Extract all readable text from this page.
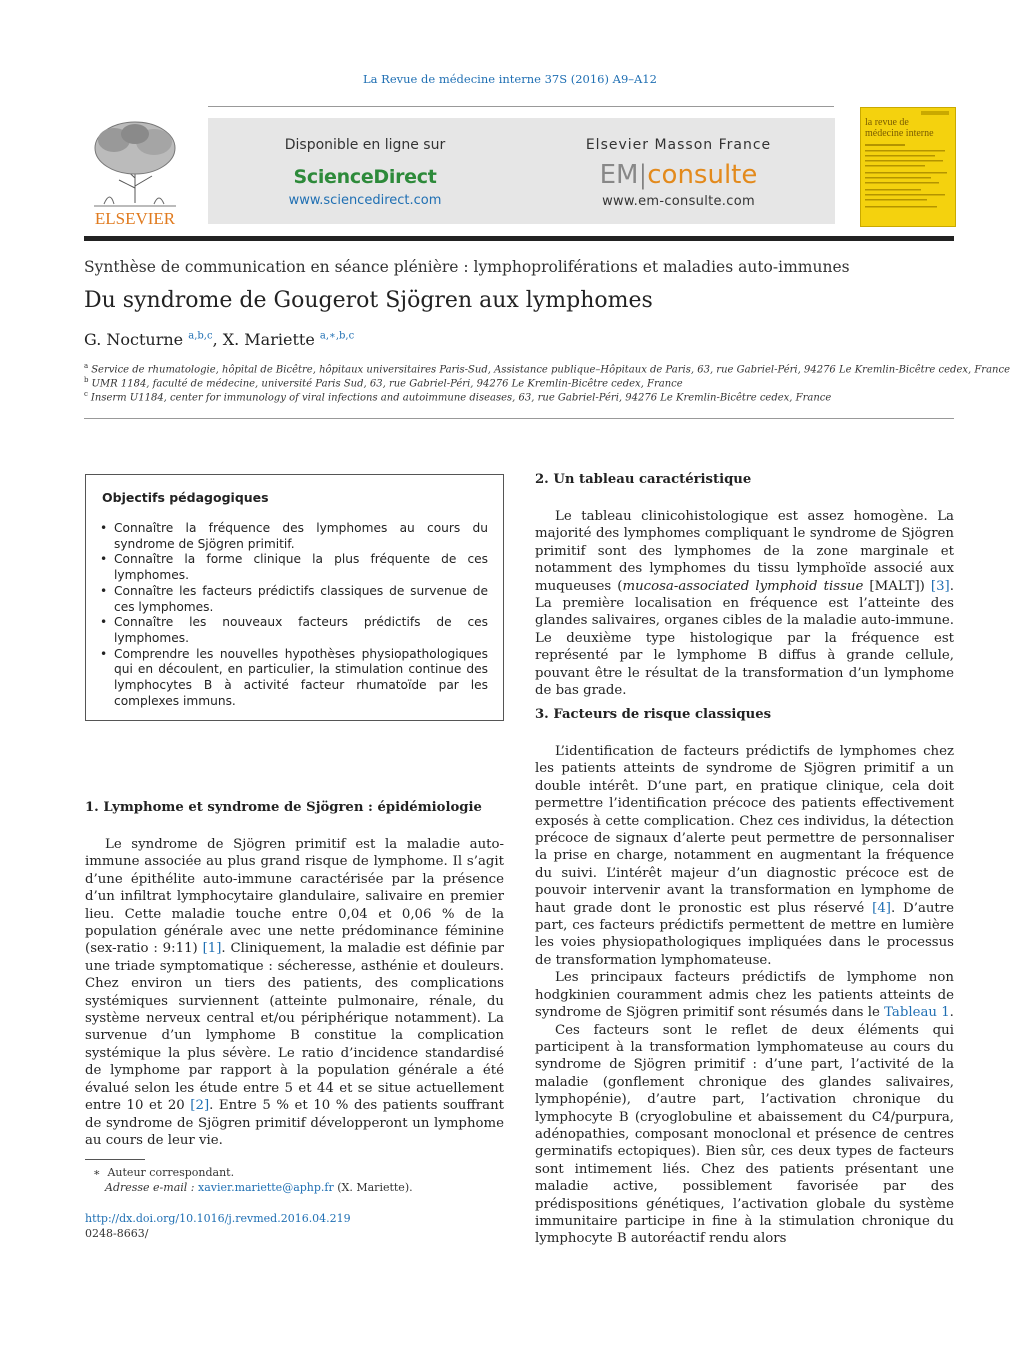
La Revue de médecine interne 37S (2016) A9–A12
ELSEVIER
Disponible en ligne sur
ScienceDirect
www.sciencedirect.com
Elsevier Masson France
EM|consulte
www.em-consulte.com
la revue de
médecine interne
Synthèse de communication en séance plénière : lymphoproliférations et maladies auto-immunes
Du syndrome de Gougerot Sjögren aux lymphomes
G. Nocturne $^{a,b,c}$, X. Mariette $^{a,∗,b,c}$
$^a$ Service de rhumatologie, hôpital de Bicêtre, hôpitaux universitaires Paris-Sud, Assistance publique–Hôpitaux de Paris, 63, rue Gabriel-Péri, 94276 Le Kremlin-Bicêtre cedex, France
$^b$ UMR 1184, faculté de médecine, université Paris Sud, 63, rue Gabriel-Péri, 94276 Le Kremlin-Bicêtre cedex, France
$^c$ Inserm U1184, center for immunology of viral infections and autoimmune diseases, 63, rue Gabriel-Péri, 94276 Le Kremlin-Bicêtre cedex, France
Objectifs pédagogiques
• Connaître la fréquence des lymphomes au cours du syndrome de Sjögren primitif.
• Connaître la forme clinique la plus fréquente de ces lymphomes.
• Connaître les facteurs prédictifs classiques de survenue de ces lymphomes.
• Connaître les nouveaux facteurs prédictifs de ces lymphomes.
• Comprendre les nouvelles hypothèses physiopathologiques qui en découlent, en particulier, la stimulation continue des lymphocytes B à activité facteur rhumatoïde par les complexes immuns.
1. Lymphome et syndrome de Sjögren : épidémiologie

Le syndrome de Sjögren primitif est la maladie auto-immune associée au plus grand risque de lymphome. Il s’agit d’une épithélite auto-immune caractérisée par la présence d’un infiltrat lymphocytaire glandulaire, salivaire en premier lieu. Cette maladie touche entre 0,04 et 0,06 % de la population générale avec une nette prédominance féminine (sex-ratio : 9:11) [1]. Cliniquement, la maladie est définie par une triade symptomatique : sécheresse, asthénie et douleurs. Chez environ un tiers des patients, des complications systémiques surviennent (atteinte pulmonaire, rénale, du système nerveux central et/ou périphérique notamment). La survenue d’un lymphome B constitue la complication systémique la plus sévère. Le ratio d’incidence standardisé de lymphome par rapport à la population générale a été évalué selon les étude entre 5 et 44 et se situe actuellement entre 10 et 20 [2]. Entre 5 % et 10 % des patients souffrant de syndrome de Sjögren primitif développeront un lymphome au cours de leur vie.

2. Un tableau caractéristique

Le tableau clinicohistologique est assez homogène. La majorité des lymphomes compliquant le syndrome de Sjögren primitif sont des lymphomes de la zone marginale et notamment des lymphomes du tissu lymphoïde associé aux muqueuses (mucosa-associated lymphoid tissue [MALT]) [3]. La première localisation en fréquence est l’atteinte des glandes salivaires, organes cibles de la maladie auto-immune. Le deuxième type histologique par la fréquence est représenté par le lymphome B diffus à grande cellule, pouvant être le résultat de la transformation d’un lymphome de bas grade.

3. Facteurs de risque classiques

L’identification de facteurs prédictifs de lymphomes chez les patients atteints de syndrome de Sjögren primitif a un double intérêt. D’une part, en pratique clinique, cela doit permettre l’identification précoce des patients effectivement exposés à cette complication. Chez ces individus, la détection précoce de signaux d’alerte peut permettre de personnaliser la prise en charge, notamment en augmentant la fréquence du suivi. L’intérêt majeur d’un diagnostic précoce est de pouvoir intervenir avant la transformation en lymphome de haut grade dont le pronostic est plus réservé [4]. D’autre part, ces facteurs prédictifs permettent de mettre en lumière les voies physiopathologiques impliquées dans le processus de transformation lymphomateuse.

Les principaux facteurs prédictifs de lymphome non hodgkinien couramment admis chez les patients atteints de syndrome de Sjögren primitif sont résumés dans le Tableau 1.

Ces facteurs sont le reflet de deux éléments qui participent à la transformation lymphomateuse au cours du syndrome de Sjögren primitif : d’une part, l’activité de la maladie (gonflement chronique des glandes salivaires, lymphopénie), d’autre part, l’activation chronique du lymphocyte B (cryoglobuline et abaissement du C4/purpura, adénopathies, composant monoclonal et présence de centres germinatifs ectopiques). Bien sûr, ces deux types de facteurs sont intimement liés. Chez des patients présentant une maladie active, possiblement favorisée par des prédispositions génétiques, l’activation globale du système immunitaire participe in fine à la stimulation chronique du lymphocyte B autoréactif rendu alors

∗ Auteur correspondant.
Adresse e-mail : xavier.mariette@aphp.fr (X. Mariette).
http://dx.doi.org/10.1016/j.revmed.2016.04.219
0248-8663/
